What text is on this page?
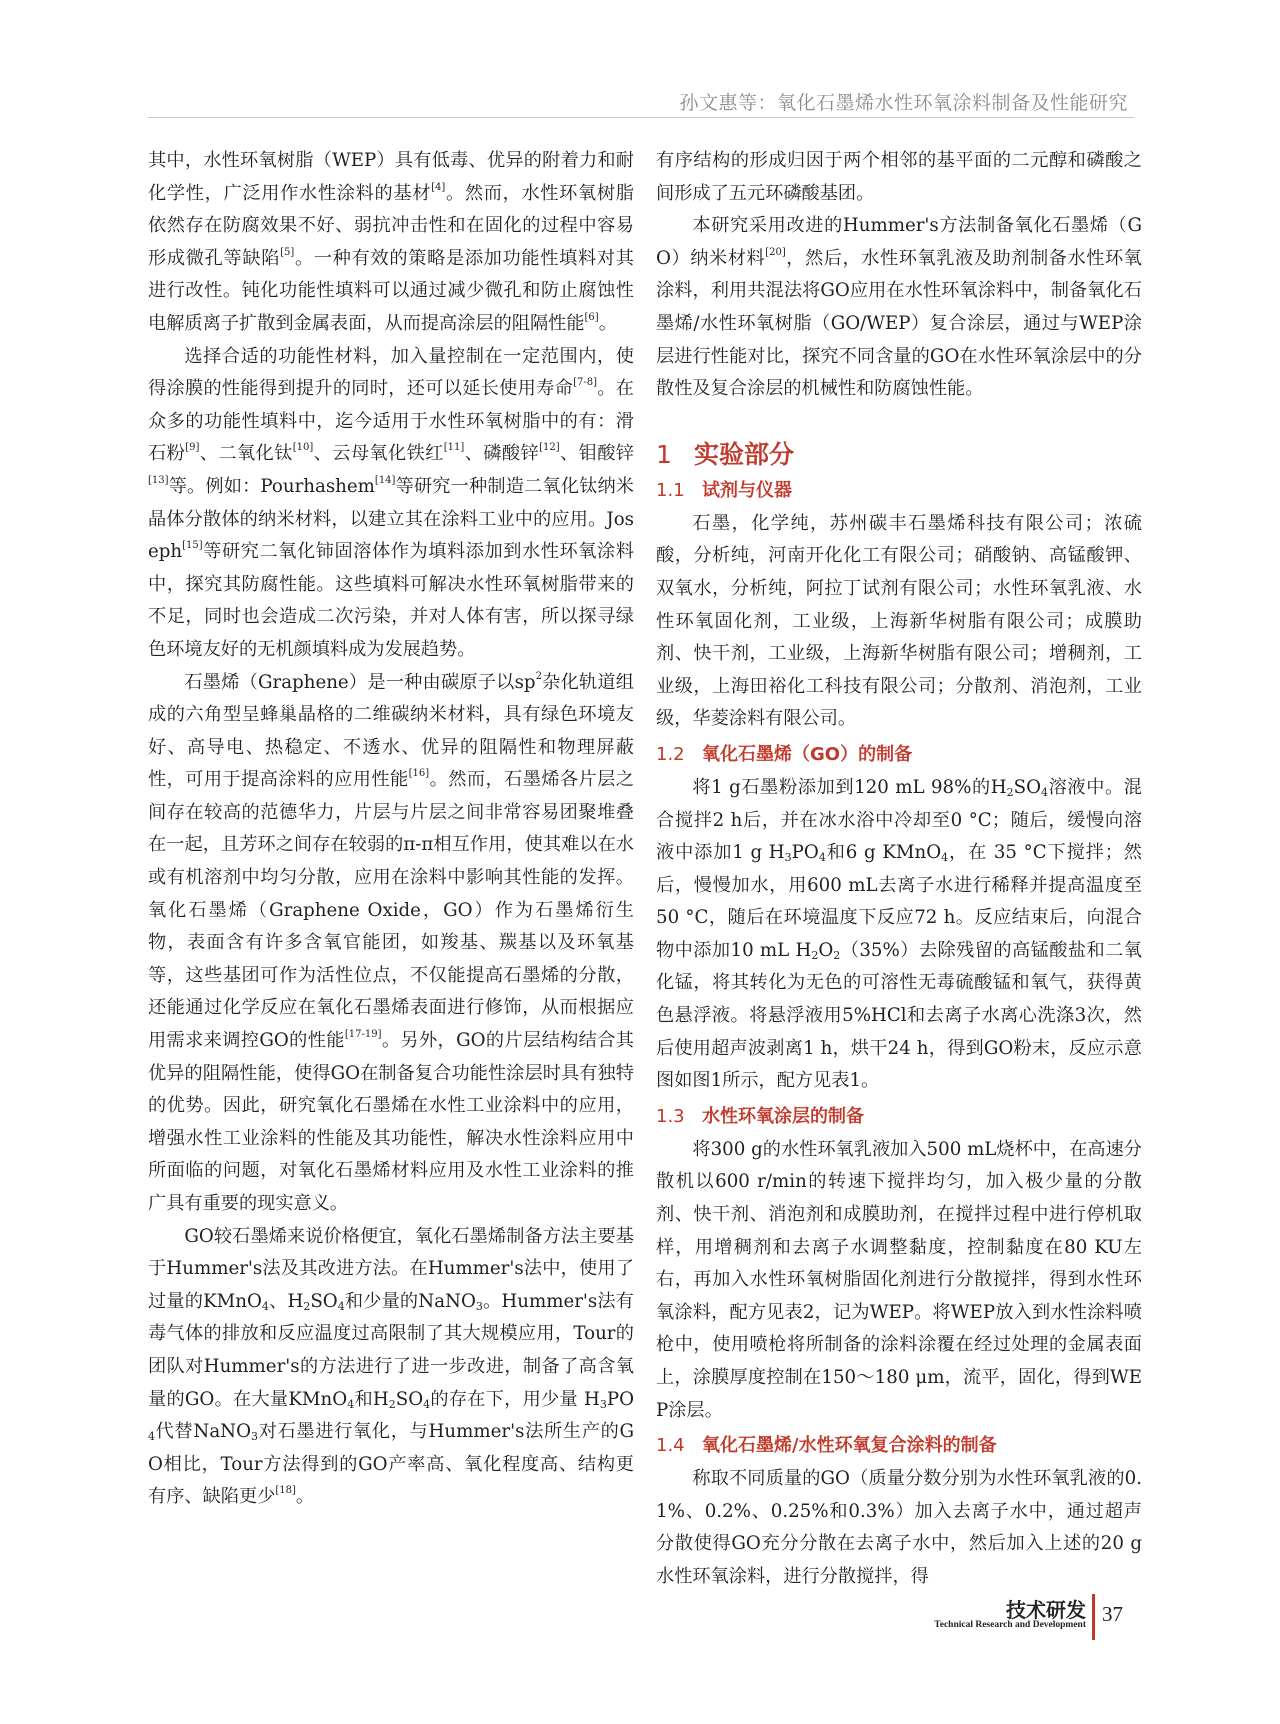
孙文惠等：氧化石墨烯水性环氧涂料制备及性能研究

其中，水性环氧树脂（WEP）具有低毒、优异的附着力和耐化学性，广泛用作水性涂料的基材[4]。然而，水性环氧树脂依然存在防腐效果不好、弱抗冲击性和在固化的过程中容易形成微孔等缺陷[5]。一种有效的策略是添加功能性填料对其进行改性。钝化功能性填料可以通过减少微孔和防止腐蚀性电解质离子扩散到金属表面，从而提高涂层的阻隔性能[6]。

选择合适的功能性材料，加入量控制在一定范围内，使得涂膜的性能得到提升的同时，还可以延长使用寿命[7-8]。在众多的功能性填料中，迄今适用于水性环氧树脂中的有：滑石粉[9]、二氧化钛[10]、云母氧化铁红[11]、磷酸锌[12]、钼酸锌[13]等。例如：Pourhashem[14]等研究一种制造二氧化钛纳米晶体分散体的纳米材料，以建立其在涂料工业中的应用。Joseph[15]等研究二氧化铈固溶体作为填料添加到水性环氧涂料中，探究其防腐性能。这些填料可解决水性环氧树脂带来的不足，同时也会造成二次污染，并对人体有害，所以探寻绿色环境友好的无机颜填料成为发展趋势。

石墨烯（Graphene）是一种由碳原子以$sp^2$杂化轨道组成的六角型呈蜂巢晶格的二维碳纳米材料，具有绿色环境友好、高导电、热稳定、不透水、优异的阻隔性和物理屏蔽性，可用于提高涂料的应用性能[16]。然而，石墨烯各片层之间存在较高的范德华力，片层与片层之间非常容易团聚堆叠在一起，且芳环之间存在较弱的π-π相互作用，使其难以在水或有机溶剂中均匀分散，应用在涂料中影响其性能的发挥。氧化石墨烯（Graphene Oxide，GO）作为石墨烯衍生物，表面含有许多含氧官能团，如羧基、羰基以及环氧基等，这些基团可作为活性位点，不仅能提高石墨烯的分散，还能通过化学反应在氧化石墨烯表面进行修饰，从而根据应用需求来调控GO的性能[17-19]。另外，GO的片层结构结合其优异的阻隔性能，使得GO在制备复合功能性涂层时具有独特的优势。因此，研究氧化石墨烯在水性工业涂料中的应用，增强水性工业涂料的性能及其功能性，解决水性涂料应用中所面临的问题，对氧化石墨烯材料应用及水性工业涂料的推广具有重要的现实意义。

GO较石墨烯来说价格便宜，氧化石墨烯制备方法主要基于Hummer's法及其改进方法。在Hummer's法中，使用了过量的KMnO$_4$、$H_2SO_4$和少量的NaNO$_3$。Hummer's法有毒气体的排放和反应温度过高限制了其大规模应用，Tour的团队对Hummer's的方法进行了进一步改进，制备了高含氧量的GO。在大量KMnO$_4$和$H_2SO_4$的存在下，用少量 $H_3PO_4$代替NaNO$_3$对石墨进行氧化，与Hummer's法所生产的GO相比，Tour方法得到的GO产率高、氧化程度高、结构更有序、缺陷更少[18]。

有序结构的形成归因于两个相邻的基平面的二元醇和磷酸之间形成了五元环磷酸基团。

本研究采用改进的Hummer's方法制备氧化石墨烯（GO）纳米材料[20]，然后，水性环氧乳液及助剂制备水性环氧涂料，利用共混法将GO应用在水性环氧涂料中，制备氧化石墨烯/水性环氧树脂（GO/WEP）复合涂层，通过与WEP涂层进行性能对比，探究不同含量的GO在水性环氧涂层中的分散性及复合涂层的机械性和防腐蚀性能。

1 实验部分
1.1 试剂与仪器

石墨，化学纯，苏州碳丰石墨烯科技有限公司；浓硫酸，分析纯，河南开化化工有限公司；硝酸钠、高锰酸钾、双氧水，分析纯，阿拉丁试剂有限公司；水性环氧乳液、水性环氧固化剂，工业级，上海新华树脂有限公司；成膜助剂、快干剂，工业级，上海新华树脂有限公司；增稠剂，工业级，上海田裕化工科技有限公司；分散剂、消泡剂，工业级，华菱涂料有限公司。

1.2 氧化石墨烯（GO）的制备

将1 g石墨粉添加到120 mL 98%的$H_2SO_4$溶液中。混合搅拌2 h后，并在冰水浴中冷却至0 °C；随后，缓慢向溶液中添加1 g $H_3PO_4$和6 g KMnO$_4$，在 35 °C下搅拌；然后，慢慢加水，用600 mL去离子水进行稀释并提高温度至 50 °C，随后在环境温度下反应72 h。反应结束后，向混合物中添加10 mL $H_2O_2(35\%)$去除残留的高锰酸盐和二氧化锰，将其转化为无色的可溶性无毒硫酸锰和氧气，获得黄色悬浮液。将悬浮液用5%HCl和去离子水离心洗涤3次，然后使用超声波剥离1 h，烘干24 h，得到GO粉末，反应示意图如图1所示，配方见表1。

1.3 水性环氧涂层的制备

将300 g的水性环氧乳液加入500 mL烧杯中，在高速分散机以600 r/min的转速下搅拌均匀，加入极少量的分散剂、快干剂、消泡剂和成膜助剂，在搅拌过程中进行停机取样，用增稠剂和去离子水调整黏度，控制黏度在80 KU左右，再加入水性环氧树脂固化剂进行分散搅拌，得到水性环氧涂料，配方见表2，记为WEP。将WEP放入到水性涂料喷枪中，使用喷枪将所制备的涂料涂覆在经过处理的金属表面上，涂膜厚度控制在150～180 μm，流平，固化，得到WEP涂层。

1.4 氧化石墨烯/水性环氧复合涂料的制备

称取不同质量的GO（质量分数分别为水性环氧乳液的0.1%、0.2%、0.25%和0.3%）加入去离子水中，通过超声分散使得GO充分分散在去离子水中，然后加入上述的20 g水性环氧涂料，进行分散搅拌，得

技术研发
Technical Research and Development 37
